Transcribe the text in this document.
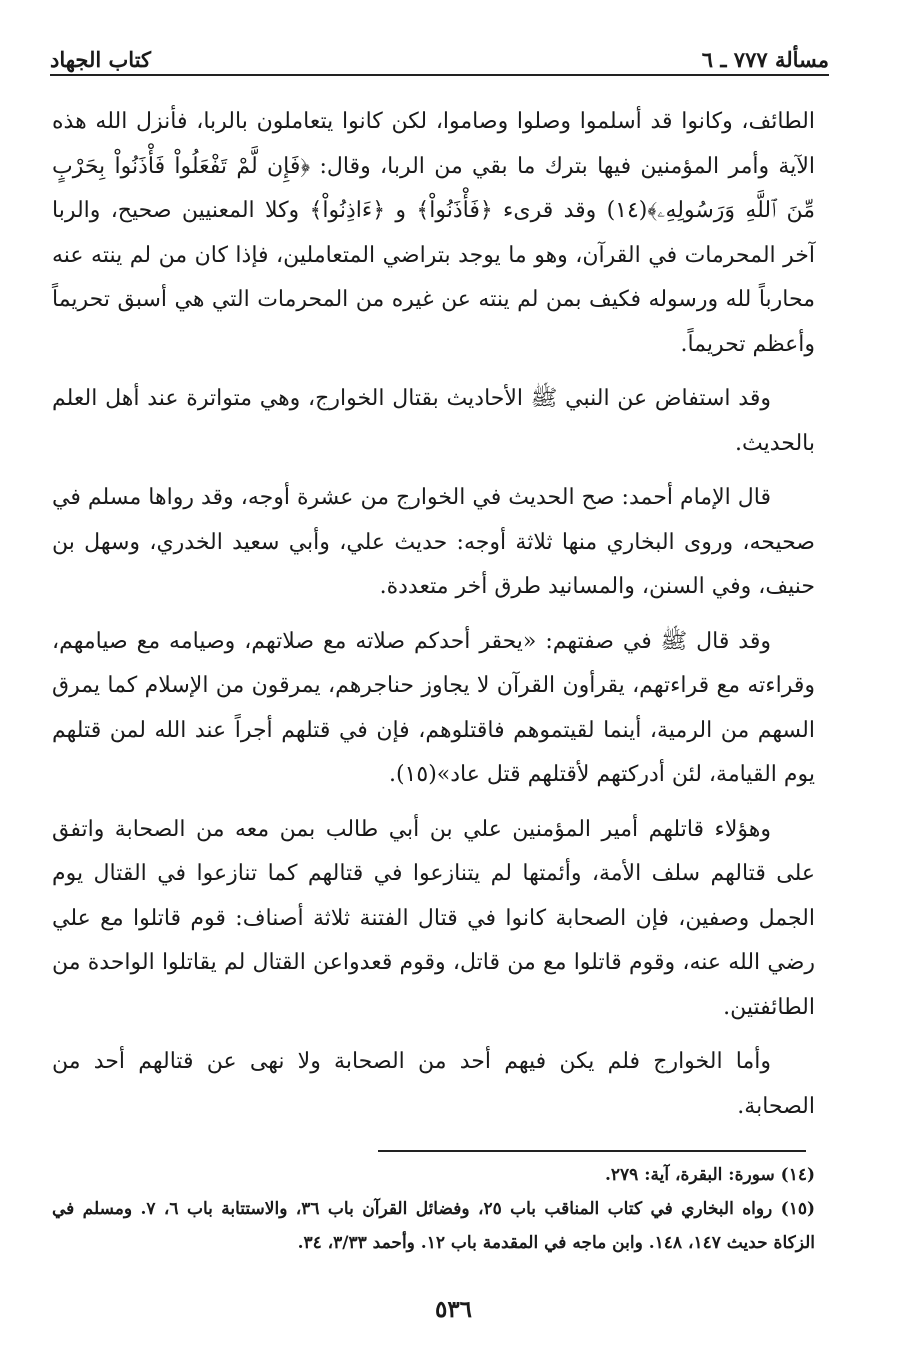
مسألة ٧٧٧ ـ ٦
كتاب الجهاد

الطائف، وكانوا قد أسلموا وصلوا وصاموا، لكن كانوا يتعاملون بالربا، فأنزل الله هذه الآية وأمر المؤمنين فيها بترك ما بقي من الربا، وقال: ﴿فَإِن لَّمْ تَفْعَلُواْ فَأْذَنُواْ بِحَرْبٍ مِّنَ ٱللَّهِ وَرَسُولِهِۦ﴾(١٤) وقد قرىء ﴿فَأْذَنُواْ﴾ و ﴿ءَاذِنُواْ﴾ وكلا المعنيين صحيح، والربا آخر المحرمات في القرآن، وهو ما يوجد بتراضي المتعاملين، فإذا كان من لم ينته عنه محارباً لله ورسوله فكيف بمن لم ينته عن غيره من المحرمات التي هي أسبق تحريماً وأعظم تحريماً.

وقد استفاض عن النبي ﷺ الأحاديث بقتال الخوارج، وهي متواترة عند أهل العلم بالحديث.

قال الإمام أحمد: صح الحديث في الخوارج من عشرة أوجه، وقد رواها مسلم في صحيحه، وروى البخاري منها ثلاثة أوجه: حديث علي، وأبي سعيد الخدري، وسهل بن حنيف، وفي السنن، والمسانيد طرق أخر متعددة.

وقد قال ﷺ في صفتهم: «يحقر أحدكم صلاته مع صلاتهم، وصيامه مع صيامهم، وقراءته مع قراءتهم، يقرأون القرآن لا يجاوز حناجرهم، يمرقون من الإسلام كما يمرق السهم من الرمية، أينما لقيتموهم فاقتلوهم، فإن في قتلهم أجراً عند الله لمن قتلهم يوم القيامة، لئن أدركتهم لأقتلهم قتل عاد»(١٥).

وهؤلاء قاتلهم أمير المؤمنين علي بن أبي طالب بمن معه من الصحابة واتفق على قتالهم سلف الأمة، وأئمتها لم يتنازعوا في قتالهم كما تنازعوا في القتال يوم الجمل وصفين، فإن الصحابة كانوا في قتال الفتنة ثلاثة أصناف: قوم قاتلوا مع علي رضي الله عنه، وقوم قاتلوا مع من قاتل، وقوم قعدواعن القتال لم يقاتلوا الواحدة من الطائفتين.

وأما الخوارج فلم يكن فيهم أحد من الصحابة ولا نهى عن قتالهم أحد من الصحابة.

(١٤) سورة: البقرة، آية: ٢٧٩.

(١٥) رواه البخاري في كتاب المناقب باب ٢٥، وفضائل القرآن باب ٣٦، والاستتابة باب ٦، ٧. ومسلم في الزكاة حديث ١٤٧، ١٤٨. وابن ماجه في المقدمة باب ١٢. وأحمد ٣/٣٣، ٣٤.

٥٣٦
